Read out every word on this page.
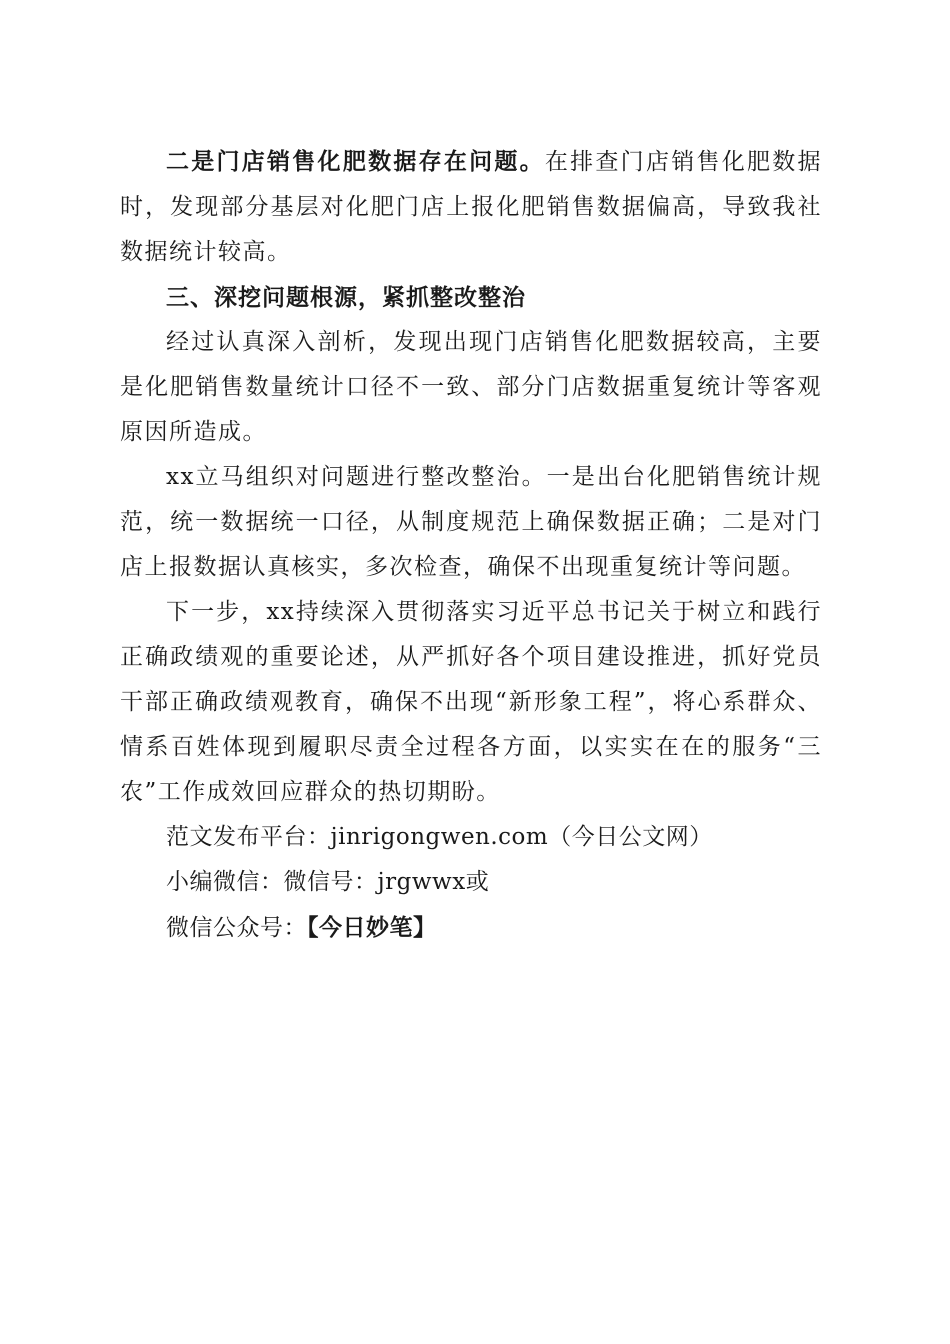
二是门店销售化肥数据存在问题。在排查门店销售化肥数据时，发现部分基层对化肥门店上报化肥销售数据偏高，导致我社数据统计较高。

三、深挖问题根源，紧抓整改整治

经过认真深入剖析，发现出现门店销售化肥数据较高，主要是化肥销售数量统计口径不一致、部分门店数据重复统计等客观原因所造成。

xx立马组织对问题进行整改整治。一是出台化肥销售统计规范，统一数据统一口径，从制度规范上确保数据正确；二是对门店上报数据认真核实，多次检查，确保不出现重复统计等问题。

下一步，xx持续深入贯彻落实习近平总书记关于树立和践行正确政绩观的重要论述，从严抓好各个项目建设推进，抓好党员干部正确政绩观教育，确保不出现“新形象工程”，将心系群众、情系百姓体现到履职尽责全过程各方面，以实实在在的服务“三农”工作成效回应群众的热切期盼。

范文发布平台：jinrigongwen.com（今日公文网）

小编微信：微信号：jrgwwx或

微信公众号：【今日妙笔】
